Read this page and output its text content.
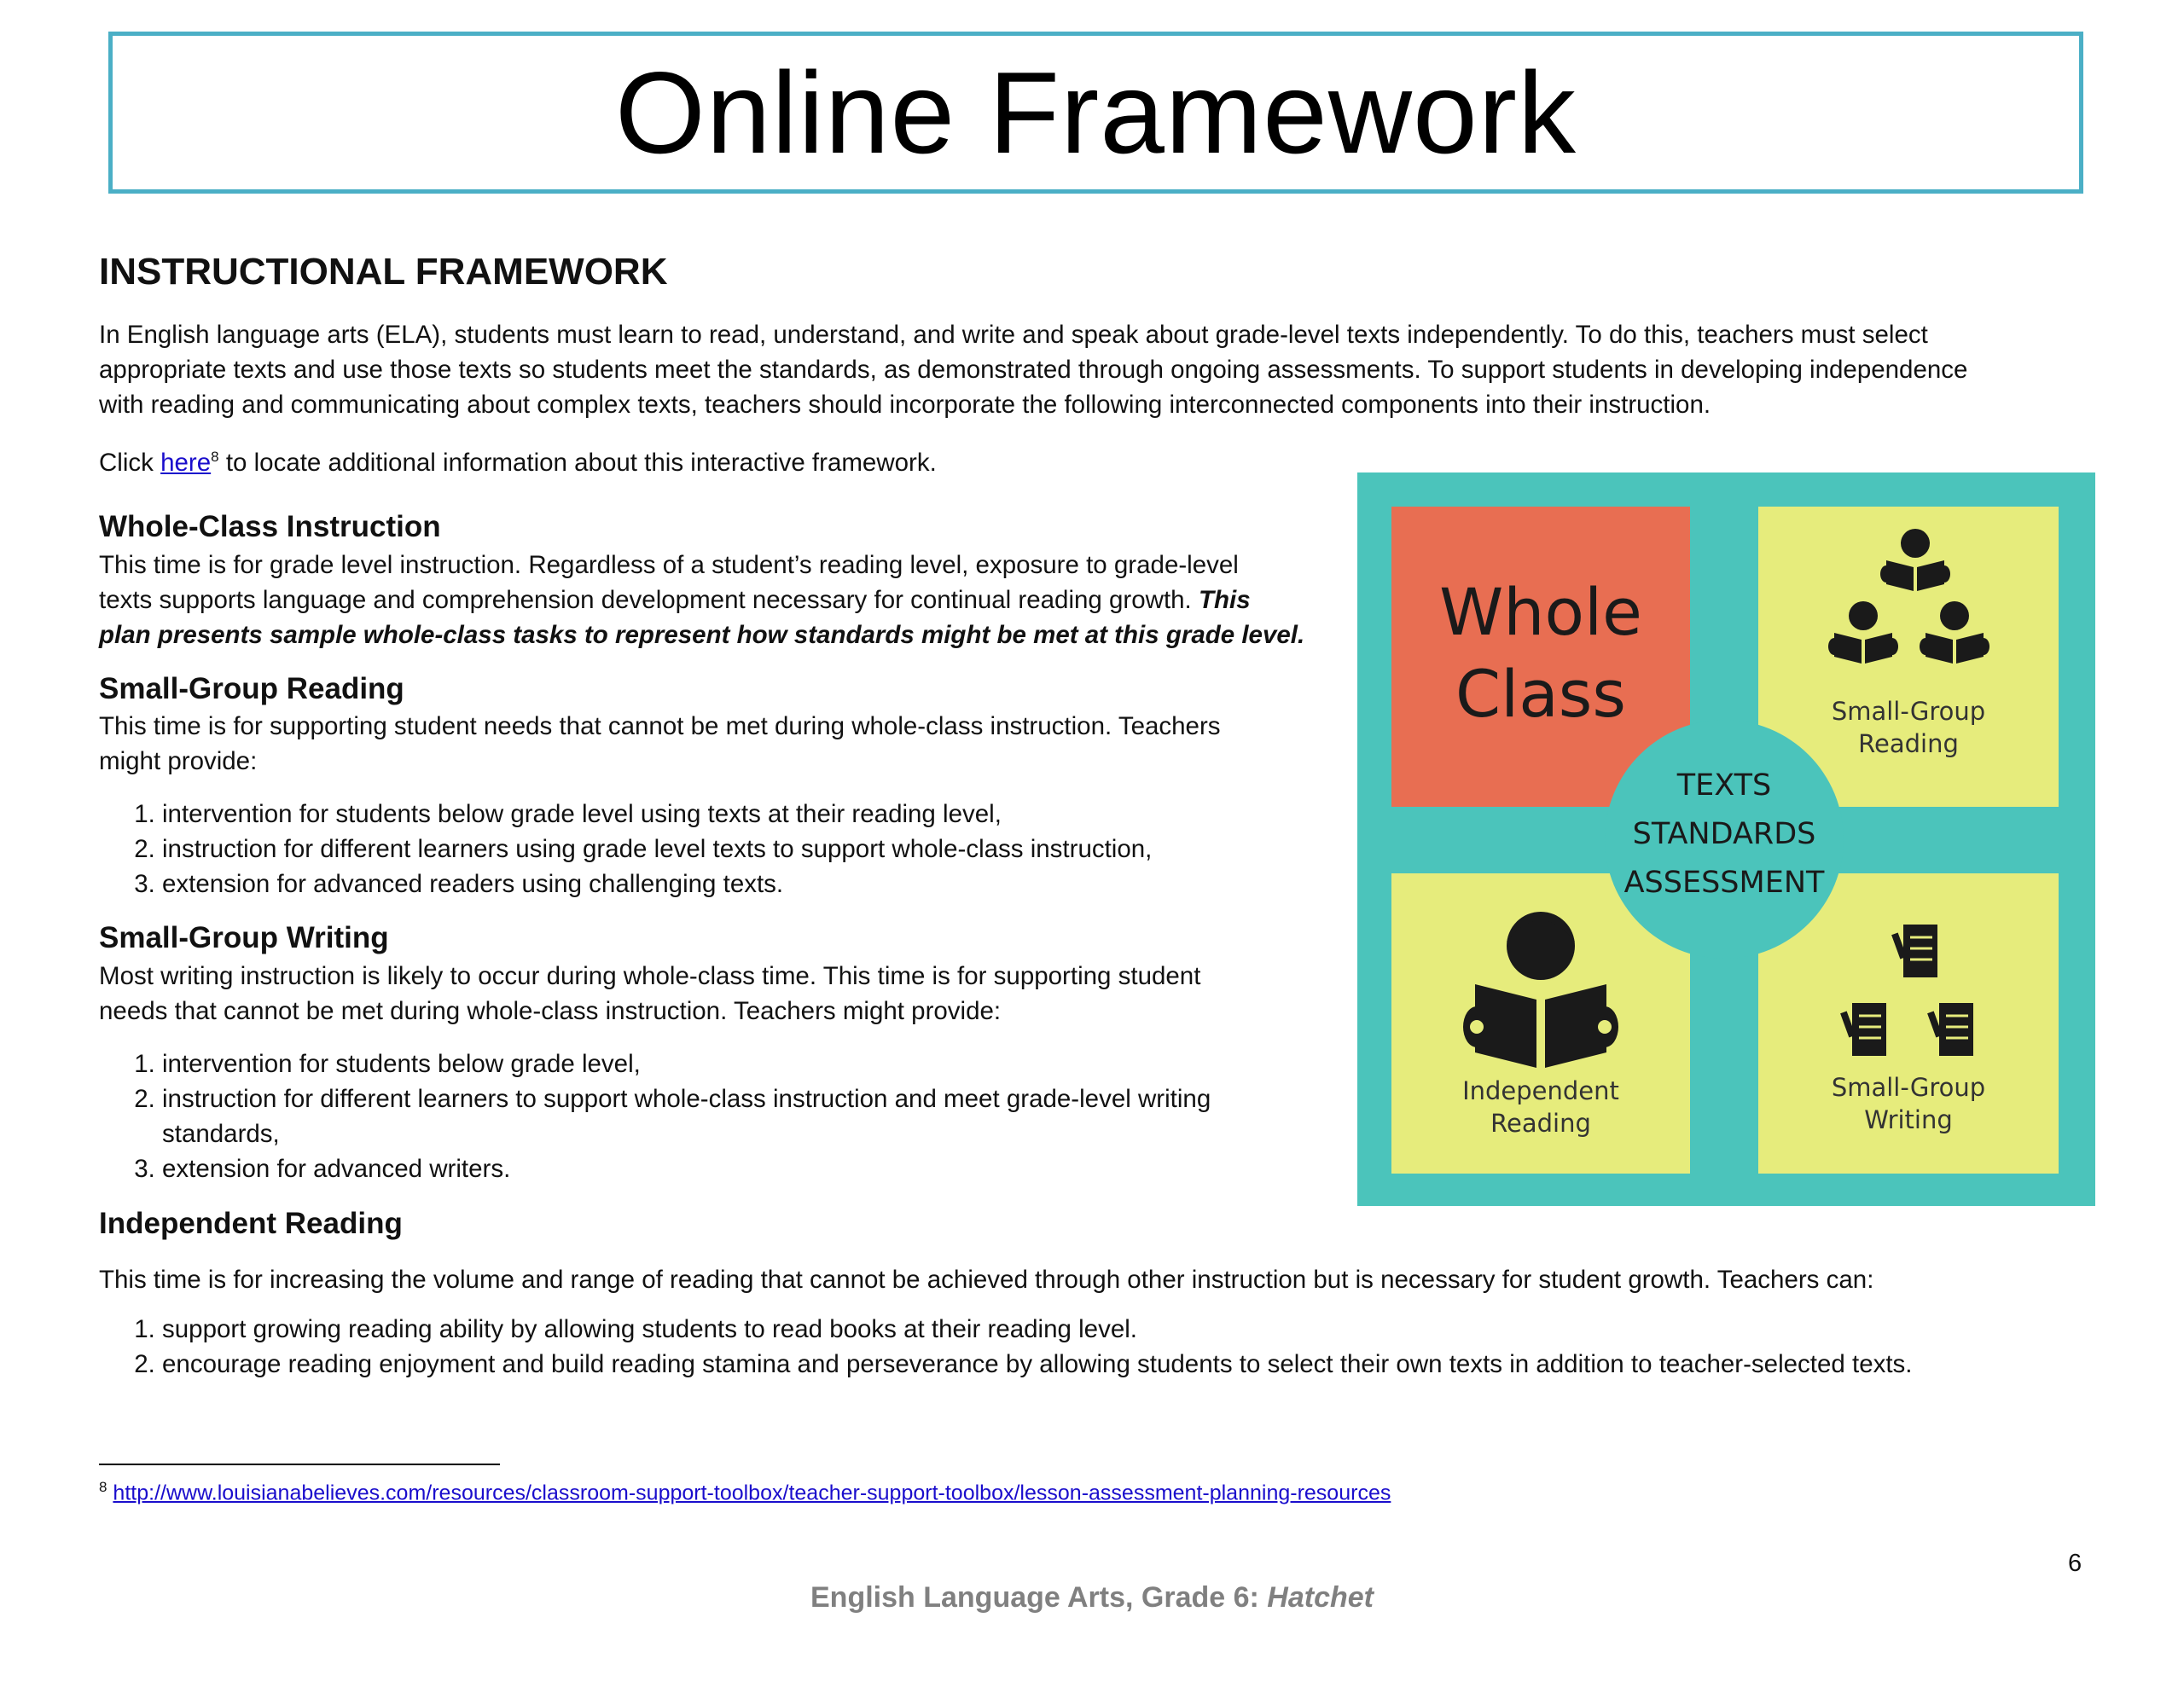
Online Framework
INSTRUCTIONAL FRAMEWORK
In English language arts (ELA), students must learn to read, understand, and write and speak about grade-level texts independently. To do this, teachers must select
appropriate texts and use those texts so students meet the standards, as demonstrated through ongoing assessments. To support students in developing independence
with reading and communicating about complex texts, teachers should incorporate the following interconnected components into their instruction.
Click here$^8$ to locate additional information about this interactive framework.
Whole-Class Instruction
This time is for grade level instruction. Regardless of a student’s reading level, exposure to grade-level
texts supports language and comprehension development necessary for continual reading growth. This
plan presents sample whole-class tasks to represent how standards might be met at this grade level.
Small-Group Reading
This time is for supporting student needs that cannot be met during whole-class instruction. Teachers
might provide:
1. intervention for students below grade level using texts at their reading level,
2. instruction for different learners using grade level texts to support whole-class instruction,
3. extension for advanced readers using challenging texts.
Small-Group Writing
Most writing instruction is likely to occur during whole-class time. This time is for supporting student
needs that cannot be met during whole-class instruction. Teachers might provide:
1. intervention for students below grade level,
2. instruction for different learners to support whole-class instruction and meet grade-level writing standards,
3. extension for advanced writers.
Independent Reading
This time is for increasing the volume and range of reading that cannot be achieved through other instruction but is necessary for student growth. Teachers can:
1. support growing reading ability by allowing students to read books at their reading level.
2. encourage reading enjoyment and build reading stamina and perseverance by allowing students to select their own texts in addition to teacher-selected texts.
Whole
Class	Small-Group
Reading
TEXTS
STANDARDS
ASSESSMENT
Independent
Reading
Small-Group
Writing
$^8$ http://www.louisianabelieves.com/resources/classroom-support-toolbox/teacher-support-toolbox/lesson-assessment-planning-resources
6
English Language Arts, Grade 6: Hatchet
